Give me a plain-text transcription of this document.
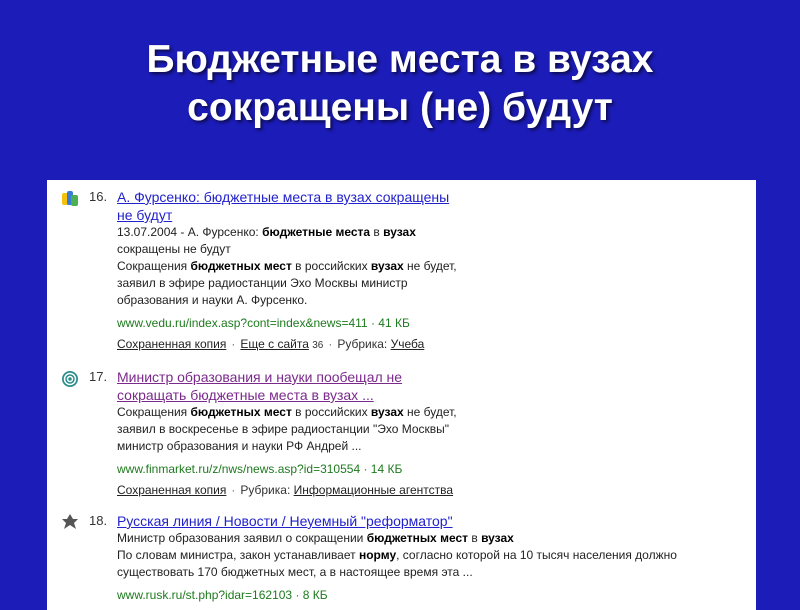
Бюджетные места в вузах
сокращены (не) будут
16. А. Фурсенко: бюджетные места в вузах сокращены
не будут
13.07.2004 - А. Фурсенко: бюджетные места в вузах
сокращены не будут
Сокращения бюджетных мест в российских вузах не будет,
заявил в эфире радиостанции Эхо Москвы министр
образования и науки А. Фурсенко.
www.vedu.ru/index.asp?cont=index&news=411 · 41 КБ
Сохраненная копия · Еще с сайта 36 · Рубрика: Учеба
17. Министр образования и науки пообещал не
сокращать бюджетные места в вузах ...
Сокращения бюджетных мест в российских вузах не будет,
заявил в воскресенье в эфире радиостанции "Эхо Москвы"
министр образования и науки РФ Андрей ...
www.finmarket.ru/z/nws/news.asp?id=310554 · 14 КБ
Сохраненная копия · Рубрика: Информационные агентства
18. Русская линия / Новости / Неуемный "реформатор"
Министр образования заявил о сокращении бюджетных мест в вузах
По словам министра, закон устанавливает норму, согласно которой на 10 тысяч населения должно
существовать 170 бюджетных мест, а в настоящее время эта ...
www.rusk.ru/st.php?idar=162103 · 8 КБ
